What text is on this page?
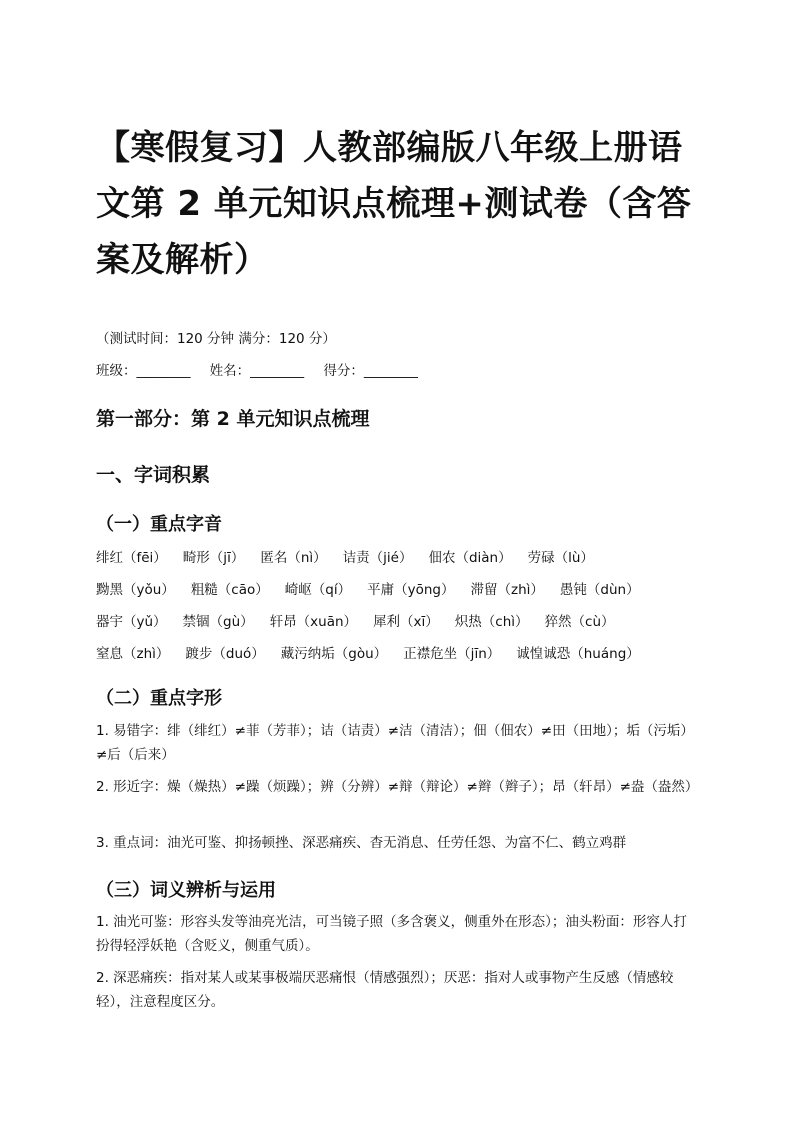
【寒假复习】人教部编版八年级上册语
文第 2 单元知识点梳理+测试卷（含答
案及解析）
（测试时间：120 分钟 满分：120 分）
班级：________ 姓名：________ 得分：________
第一部分：第 2 单元知识点梳理
一、字词积累
（一）重点字音
绯红（fēi） 畸形（jī） 匿名（nì） 诘责（jié） 佃农（diàn） 劳碌（lù）
黝黑（yǒu） 粗糙（cāo） 崎岖（qí） 平庸（yōng） 滞留（zhì） 愚钝（dùn）
器宇（yǔ） 禁锢（gù） 轩昂（xuān） 犀利（xī） 炽热（chì） 猝然（cù）
窒息（zhì） 踱步（duó） 藏污纳垢（gòu） 正襟危坐（jīn） 诚惶诚恐（huáng）
（二）重点字形

1. 易错字：绯（绯红）≠菲（芳菲）；诘（诘责）≠洁（清洁）；佃（佃农）≠田（田地）；垢（污垢）≠后（后来）

2. 形近字：燥（燥热）≠躁（烦躁）；辨（分辨）≠辩（辩论）≠辫（辫子）；昂（轩昂）≠盎（盎然）

3. 重点词：油光可鉴、抑扬顿挫、深恶痛疾、杳无消息、任劳任怨、为富不仁、鹤立鸡群

（三）词义辨析与运用

1. 油光可鉴：形容头发等油亮光洁，可当镜子照（多含褒义，侧重外在形态）；油头粉面：形容人打扮得轻浮妖艳（含贬义，侧重气质）。

2. 深恶痛疾：指对某人或某事极端厌恶痛恨（情感强烈）；厌恶：指对人或事物产生反感（情感较轻），注意程度区分。
